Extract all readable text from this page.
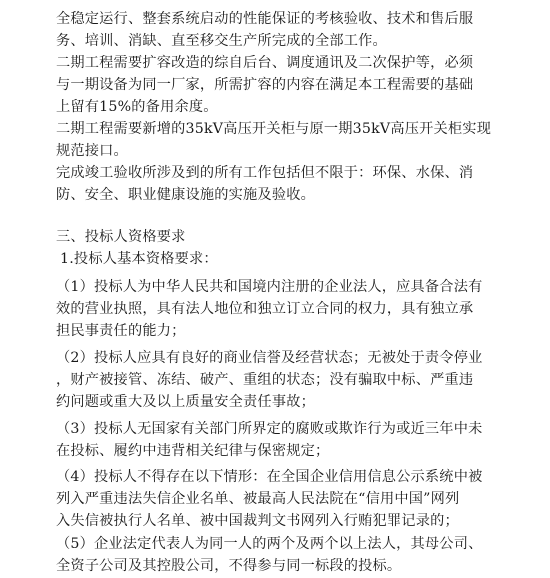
全稳定运行、整套系统启动的性能保证的考核验收、技术和售后服
务、培训、消缺、直至移交生产所完成的全部工作。
二期工程需要扩容改造的综自后台、调度通讯及二次保护等，必须
与一期设备为同一厂家，所需扩容的内容在满足本工程需要的基础
上留有15%的备用余度。
二期工程需要新增的35kV高压开关柜与原一期35kV高压开关柜实现
规范接口。
完成竣工验收所涉及到的所有工作包括但不限于：环保、水保、消
防、安全、职业健康设施的实施及验收。
三、投标人资格要求
1.投标人基本资格要求：
（1）投标人为中华人民共和国境内注册的企业法人，应具备合法有
效的营业执照，具有法人地位和独立订立合同的权力，具有独立承
担民事责任的能力；
（2）投标人应具有良好的商业信誉及经营状态；无被处于责令停业
，财产被接管、冻结、破产、重组的状态；没有骗取中标、严重违
约问题或重大及以上质量安全责任事故；
（3）投标人无国家有关部门所界定的腐败或欺诈行为或近三年中未
在投标、履约中违背相关纪律与保密规定；
（4）投标人不得存在以下情形：在全国企业信用信息公示系统中被
列入严重违法失信企业名单、被最高人民法院在“信用中国”网列
入失信被执行人名单、被中国裁判文书网列入行贿犯罪记录的；
（5）企业法定代表人为同一人的两个及两个以上法人，其母公司、
全资子公司及其控股公司，不得参与同一标段的投标。
